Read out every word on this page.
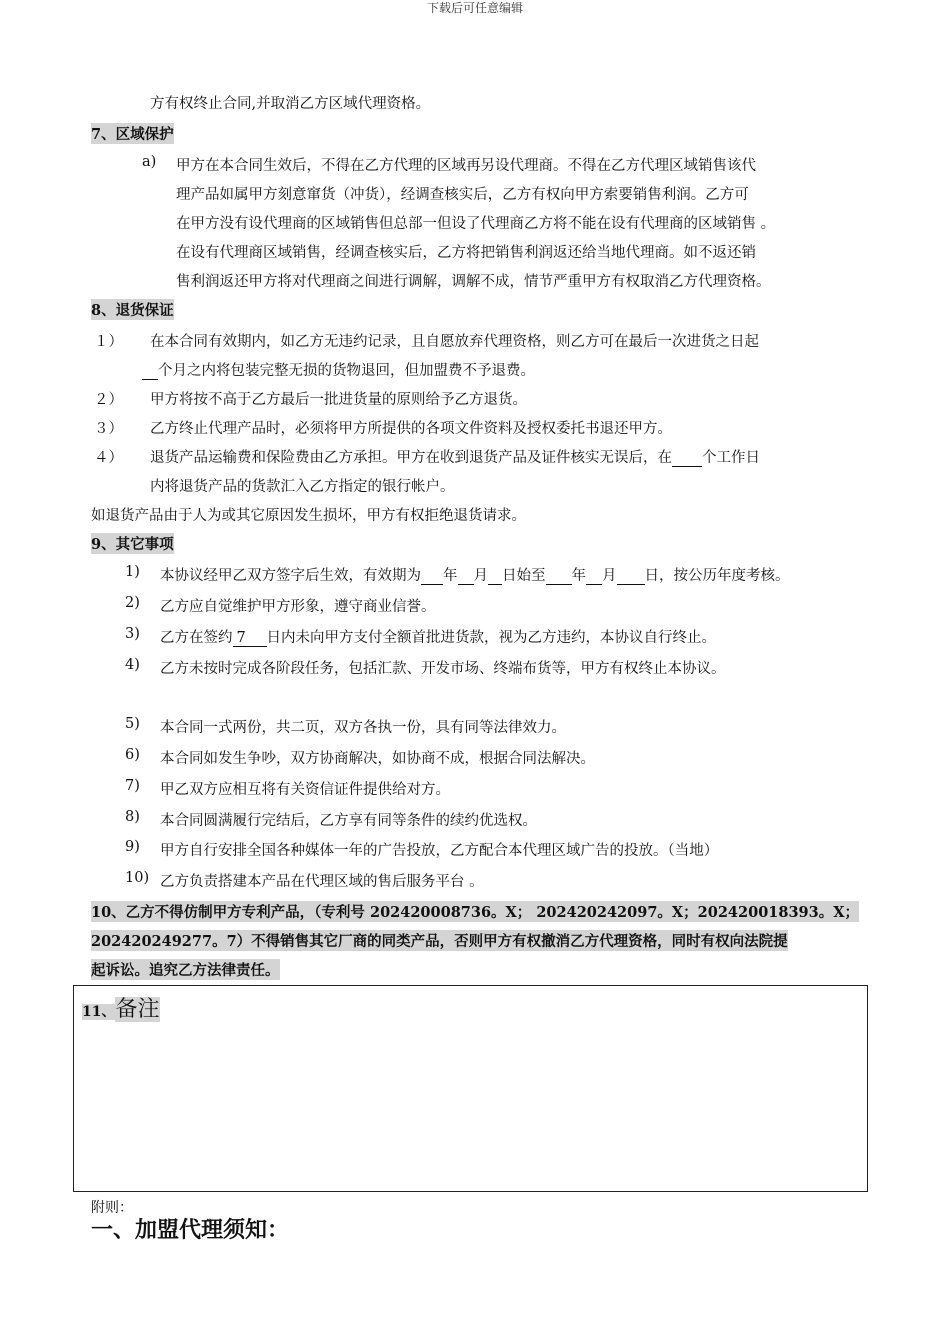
下载后可任意编辑
方有权终止合同,并取消乙方区域代理资格。
7、区域保护
a) 甲方在本合同生效后，不得在乙方代理的区域再另设代理商。不得在乙方代理区域销售该代
理产品如属甲方刻意窜货（冲货），经调查核实后，乙方有权向甲方索要销售利润。乙方可
在甲方没有设代理商的区域销售但总部一但设了代理商乙方将不能在设有代理商的区域销售 。
在设有代理商区域销售，经调查核实后，乙方将把销售利润返还给当地代理商。如不返还销
售利润返还甲方将对代理商之间进行调解，调解不成，情节严重甲方有权取消乙方代理资格。
8、退货保证
１） 在本合同有效期内，如乙方无违约记录，且自愿放弃代理资格，则乙方可在最后一次进货之日起
个月之内将包装完整无损的货物退回，但加盟费不予退费。
２） 甲方将按不高于乙方最后一批进货量的原则给予乙方退货。
３） 乙方终止代理产品时，必须将甲方所提供的各项文件资料及授权委托书退还甲方。
４） 退货产品运输费和保险费由乙方承担。甲方在收到退货产品及证件核实无误后，在 个工作日
内将退货产品的货款汇入乙方指定的银行帐户。
如退货产品由于人为或其它原因发生损坏，甲方有权拒绝退货请求。
9、其它事项
1) 本协议经甲乙双方签字后生效，有效期为 年 月 日始至 年 月 日，按公历年度考核。
2) 乙方应自觉维护甲方形象，遵守商业信誉。
3) 乙方在签约 7 日内未向甲方支付全额首批进货款，视为乙方违约，本协议自行终止。
4) 乙方未按时完成各阶段任务，包括汇款、开发市场、终端布货等，甲方有权终止本协议。
5) 本合同一式两份，共二页，双方各执一份，具有同等法律效力。
6) 本合同如发生争吵，双方协商解决，如协商不成，根据合同法解决。
7) 甲乙双方应相互将有关资信证件提供给对方。
8) 本合同圆满履行完结后，乙方享有同等条件的续约优选权。
9) 甲方自行安排全国各种媒体一年的广告投放，乙方配合本代理区域广告的投放。（当地）
10) 乙方负责搭建本产品在代理区域的售后服务平台 。
10、乙方不得仿制甲方专利产品，（专利号 202420008736。X； 202420242097。X；202420018393。X；
202420249277。7）不得销售其它厂商的同类产品，否则甲方有权撤消乙方代理资格，同时有权向法院提
起诉讼。追究乙方法律责任。
11、备注
附则：
一、加盟代理须知：
